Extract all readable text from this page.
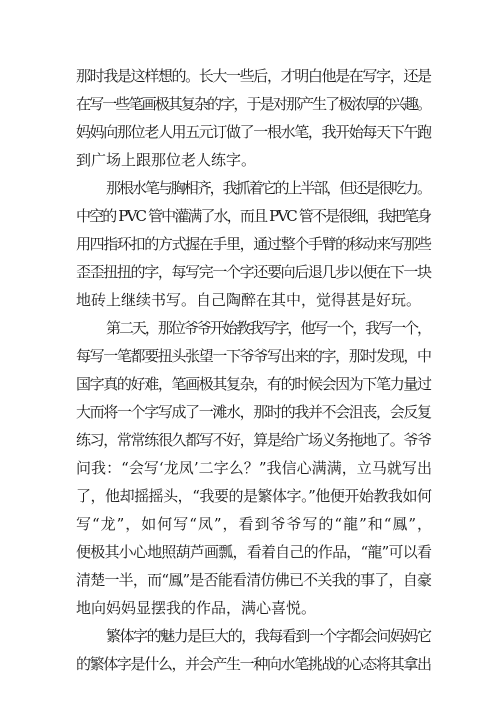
那时我是这样想的。长大一些后，才明白他是在写字，还是
在写一些笔画极其复杂的字，于是对那产生了极浓厚的兴趣。
妈妈向那位老人用五元订做了一根水笔，我开始每天下午跑
到广场上跟那位老人练字。
那根水笔与胸相齐，我抓着它的上半部，但还是很吃力。
中空的 PVC 管中灌满了水，而且 PVC 管不是很细，我把笔身
用四指环扣的方式握在手里，通过整个手臂的移动来写那些
歪歪扭扭的字，每写完一个字还要向后退几步以便在下一块
地砖上继续书写。自己陶醉在其中，觉得甚是好玩。
第二天，那位爷爷开始教我写字，他写一个，我写一个，
每写一笔都要扭头张望一下爷爷写出来的字，那时发现，中
国字真的好难，笔画极其复杂，有的时候会因为下笔力量过
大而将一个字写成了一滩水，那时的我并不会沮丧，会反复
练习，常常练很久都写不好，算是给广场义务拖地了。爷爷
问我：“会写‘龙凤’二字么？”我信心满满，立马就写出
了，他却摇摇头，“我要的是繁体字。”他便开始教我如何
写“龙”，如何写“凤”，看到爷爷写的“龍”和“鳳”，
便极其小心地照葫芦画瓢，看着自己的作品，“龍”可以看
清楚一半，而“鳳”是否能看清仿佛已不关我的事了，自豪
地向妈妈显摆我的作品，满心喜悦。
繁体字的魅力是巨大的，我每看到一个字都会问妈妈它
的繁体字是什么，并会产生一种向水笔挑战的心态将其拿出
